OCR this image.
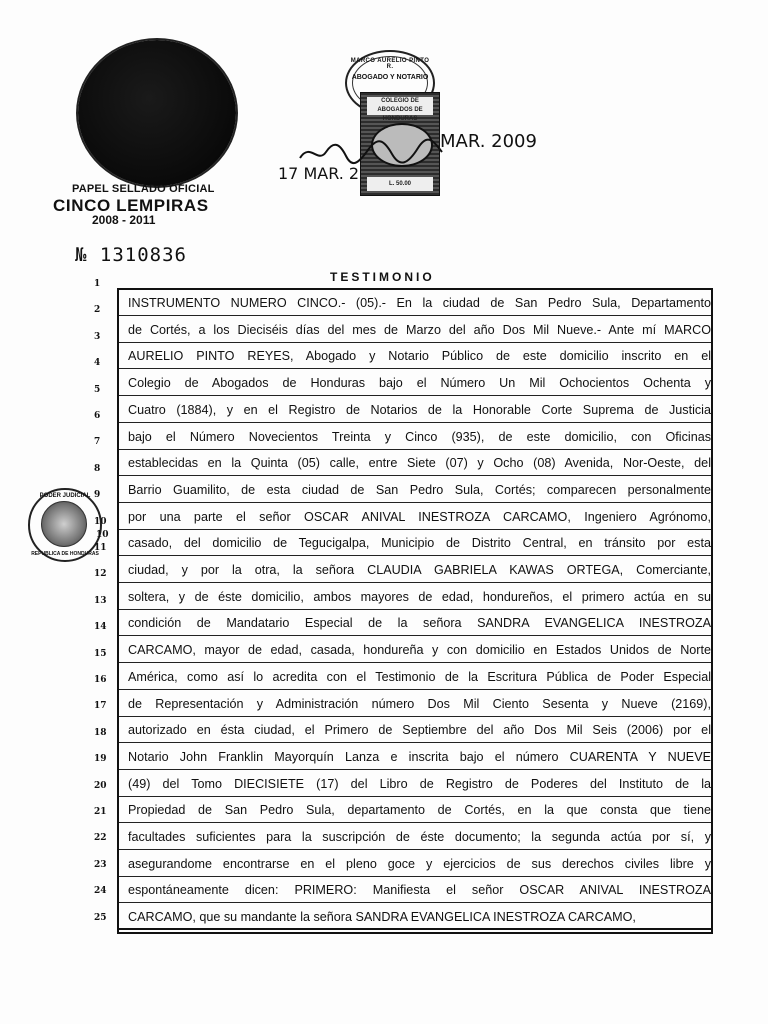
PAPEL SELLADO OFICIAL
CINCO LEMPIRAS
2008 - 2011
№ 1310836
MARCO AURELIO PINTO R.
ABOGADO Y NOTARIO
COLEGIO DE ABOGADOS DE HONDURAS
L. 50.00
MAR. 2009
17 MAR. 2
PODER JUDICIAL
REPUBLICA DE HONDURAS
10
TESTIMONIO
1
2
3
4
5
6
7
8
9
10
11
12
13
14
15
16
17
18
19
20
21
22
23
24
25
INSTRUMENTO NUMERO CINCO.- (05).- En la ciudad de San Pedro Sula, Departamento
de Cortés, a los Dieciséis días del mes de Marzo del año Dos Mil Nueve.- Ante mí MARCO
AURELIO PINTO REYES, Abogado y Notario Público de este domicilio inscrito en el
Colegio de Abogados de Honduras bajo el Número Un Mil Ochocientos Ochenta y
Cuatro (1884), y en el Registro de Notarios de la Honorable Corte Suprema de Justicia
bajo el Número Novecientos Treinta y Cinco (935), de este domicilio, con Oficinas
establecidas en la Quinta (05) calle, entre Siete (07) y Ocho (08) Avenida, Nor-Oeste, del
Barrio Guamilito, de esta ciudad de San Pedro Sula, Cortés; comparecen personalmente
por una parte el señor OSCAR ANIVAL INESTROZA CARCAMO, Ingeniero Agrónomo,
casado, del domicilio de Tegucigalpa, Municipio de Distrito Central, en tránsito por esta
ciudad, y por la otra, la señora CLAUDIA GABRIELA KAWAS ORTEGA, Comerciante,
soltera, y de éste domicilio, ambos mayores de edad, hondureños, el primero actúa en su
condición de Mandatario Especial de la señora SANDRA EVANGELICA INESTROZA
CARCAMO, mayor de edad, casada, hondureña y con domicilio en Estados Unidos de Norte
América, como así lo acredita con el Testimonio de la Escritura Pública de Poder Especial
de Representación y Administración número Dos Mil Ciento Sesenta y Nueve (2169),
autorizado en ésta ciudad, el Primero de Septiembre del año Dos Mil Seis (2006) por el
Notario John Franklin Mayorquín Lanza e inscrita bajo el número CUARENTA Y NUEVE
(49) del Tomo DIECISIETE (17) del Libro de Registro de Poderes del Instituto de la
Propiedad de San Pedro Sula, departamento de Cortés, en la que consta que tiene
facultades suficientes para la suscripción de éste documento; la segunda actúa por sí, y
asegurandome encontrarse en el pleno goce y ejercicios de sus derechos civiles libre y
espontáneamente dicen: PRIMERO: Manifiesta el señor OSCAR ANIVAL INESTROZA
CARCAMO, que su mandante la señora SANDRA EVANGELICA INESTROZA CARCAMO,
